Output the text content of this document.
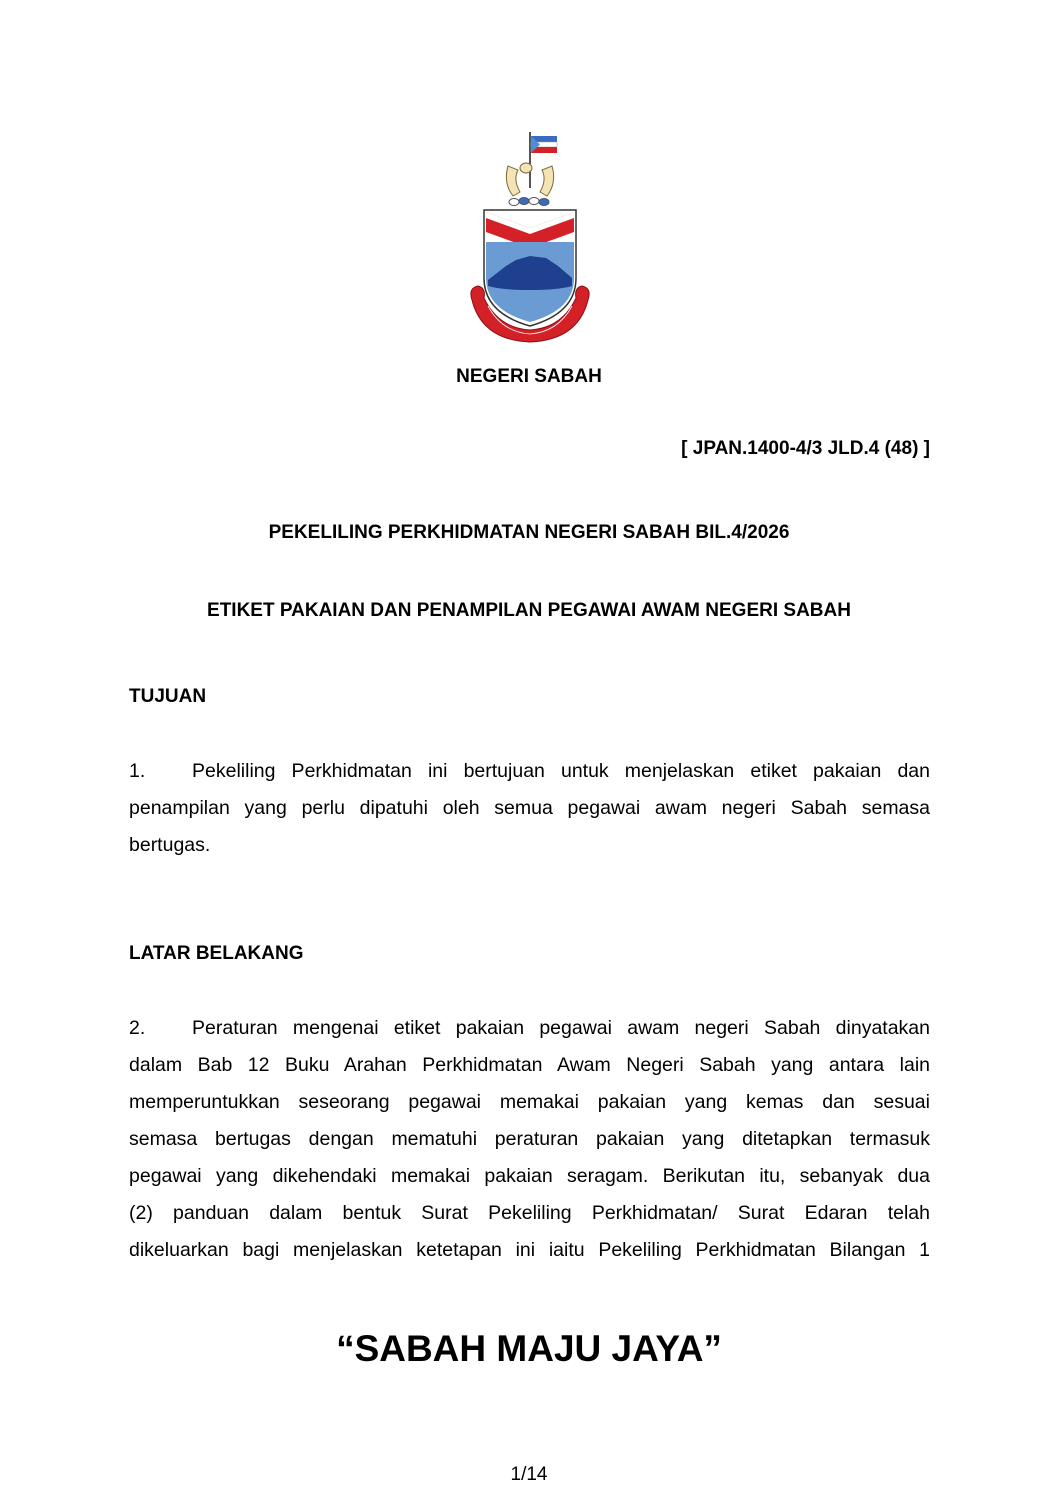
NEGERI SABAH
[ JPAN.1400-4/3 JLD.4 (48) ]
PEKELILING PERKHIDMATAN NEGERI SABAH BIL.4/2026
ETIKET PAKAIAN DAN PENAMPILAN PEGAWAI AWAM NEGERI SABAH
TUJUAN
1. Pekeliling Perkhidmatan ini bertujuan untuk menjelaskan etiket pakaian dan
penampilan yang perlu dipatuhi oleh semua pegawai awam negeri Sabah semasa
bertugas.
LATAR BELAKANG
2. Peraturan mengenai etiket pakaian pegawai awam negeri Sabah dinyatakan
dalam Bab 12 Buku Arahan Perkhidmatan Awam Negeri Sabah yang antara lain
memperuntukkan seseorang pegawai memakai pakaian yang kemas dan sesuai
semasa bertugas dengan mematuhi peraturan pakaian yang ditetapkan termasuk
pegawai yang dikehendaki memakai pakaian seragam. Berikutan itu, sebanyak dua
(2) panduan dalam bentuk Surat Pekeliling Perkhidmatan/ Surat Edaran telah
dikeluarkan bagi menjelaskan ketetapan ini iaitu Pekeliling Perkhidmatan Bilangan 1
“SABAH MAJU JAYA”
1/14
